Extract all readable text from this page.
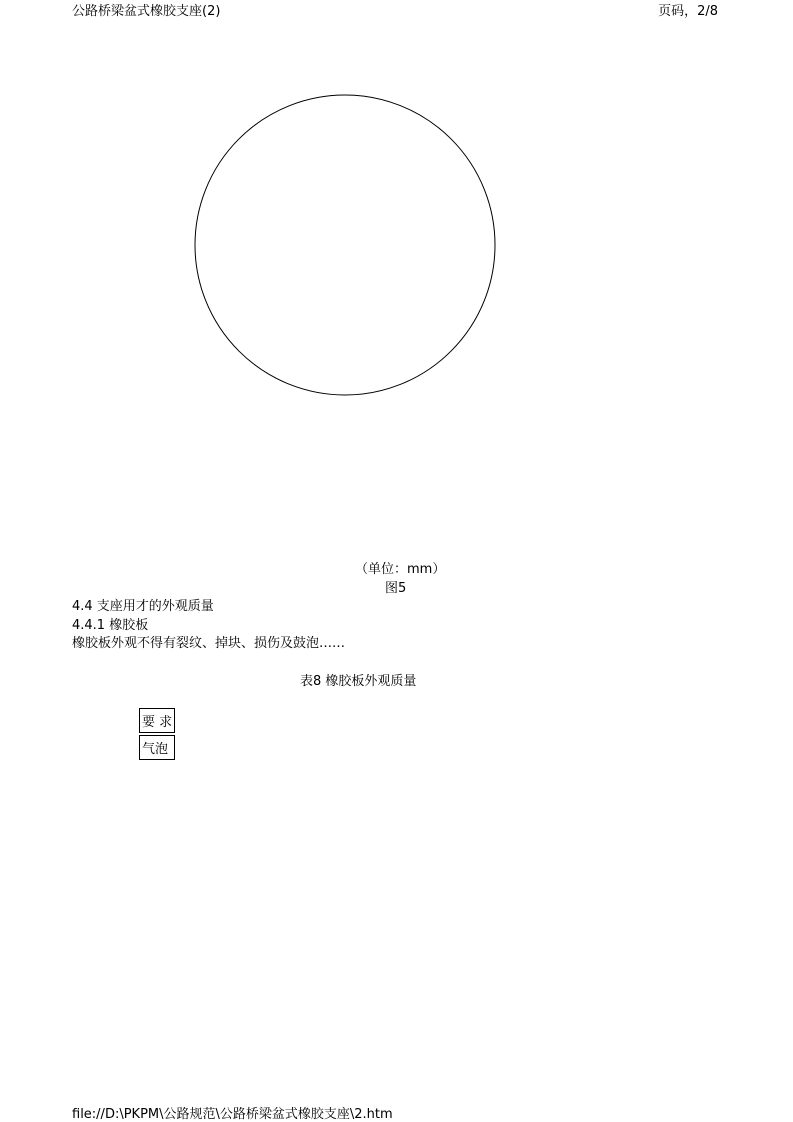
公路桥梁盆式橡胶支座(2)	页码，2/8
（单位：mm）
图5
4.4 支座用才的外观质量
4.4.1 橡胶板
橡胶板外观不得有裂纹、掉块、损伤及鼓泡……
表8 橡胶板外观质量
要 求
气泡
file://D:\PKPM\公路规范\公路桥梁盆式橡胶支座\2.htm
